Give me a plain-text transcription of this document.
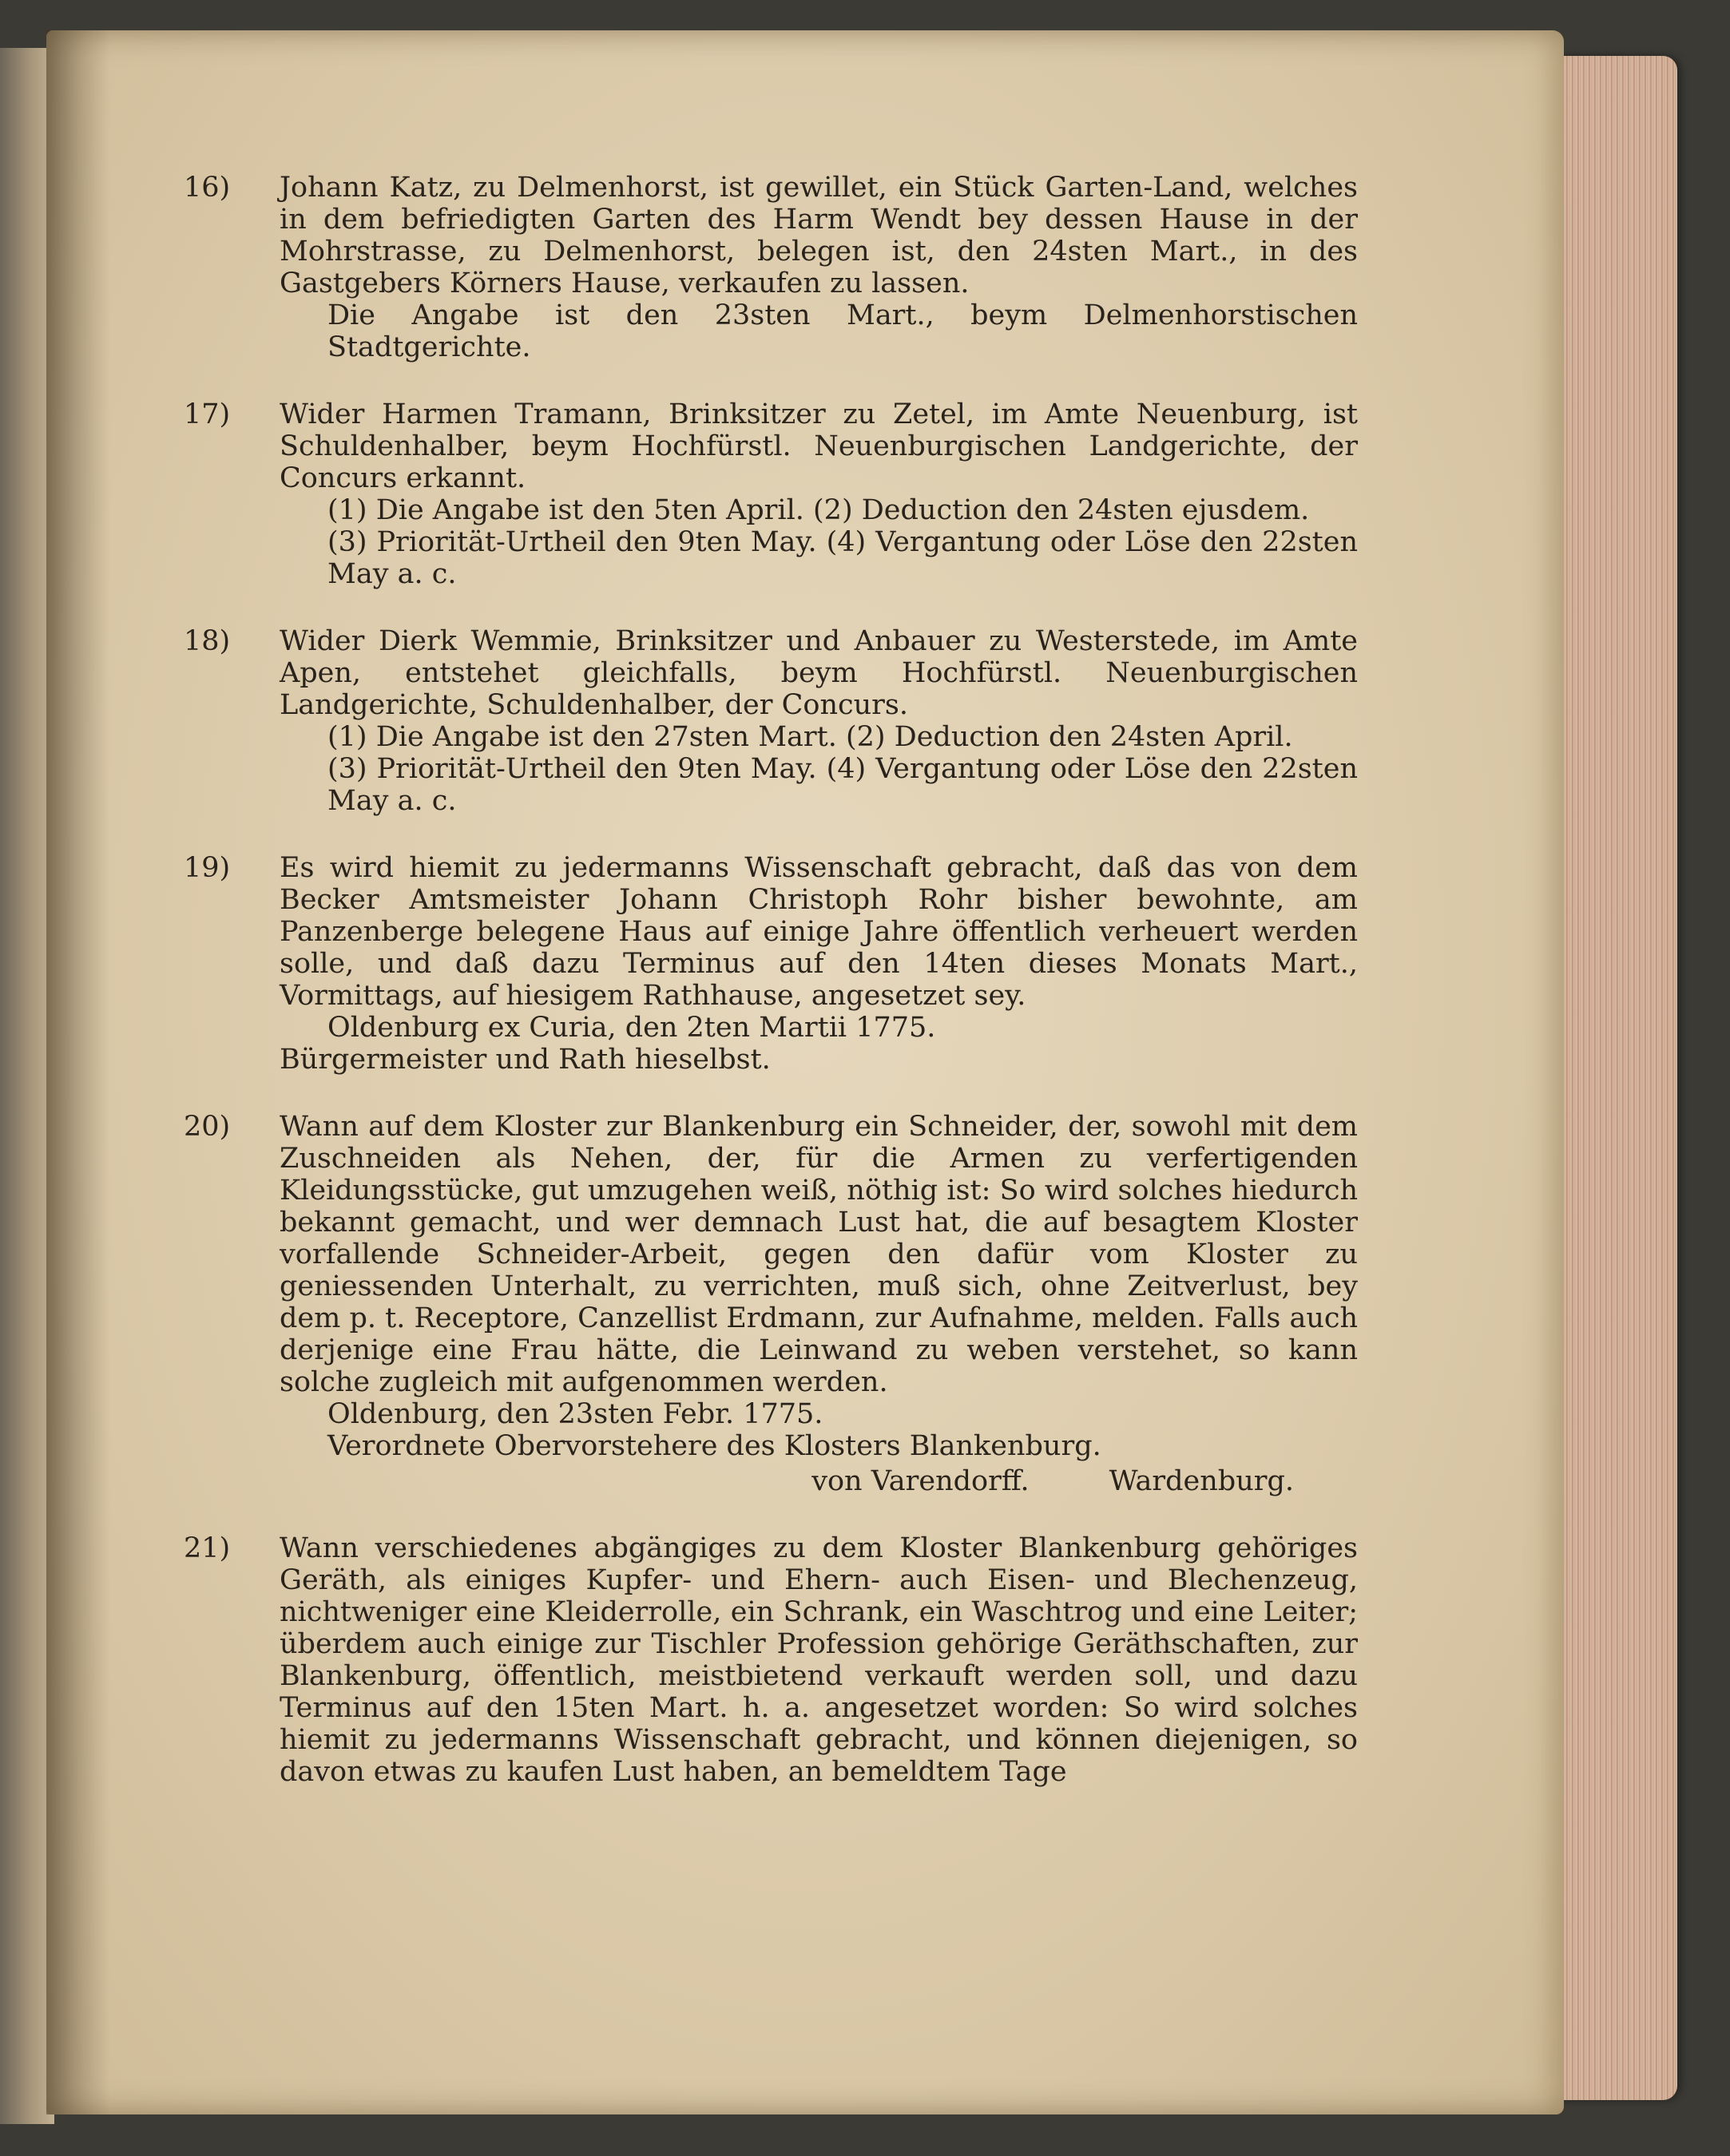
16)	Johann Katz, zu Delmenhorst, ist gewillet, ein Stück Garten-Land, welches in dem befriedigten Garten des Harm Wendt bey dessen Hause in der Mohrstrasse, zu Delmenhorst, belegen ist, den 24sten Mart., in des Gastgebers Körners Hause, verkaufen zu lassen.

Die Angabe ist den 23sten Mart., beym Delmenhorstischen Stadtgerichte.

17)	Wider Harmen Tramann, Brinksitzer zu Zetel, im Amte Neuenburg, ist Schuldenhalber, beym Hochfürstl. Neuenburgischen Landgerichte, der Concurs erkannt.

(1) Die Angabe ist den 5ten April. (2) Deduction den 24sten ejusdem.

(3) Priorität-Urtheil den 9ten May. (4) Vergantung oder Löse den 22sten May a. c.

18)	Wider Dierk Wemmie, Brinksitzer und Anbauer zu Westerstede, im Amte Apen, entstehet gleichfalls, beym Hochfürstl. Neuenburgischen Landgerichte, Schuldenhalber, der Concurs.

(1) Die Angabe ist den 27sten Mart. (2) Deduction den 24sten April.

(3) Priorität-Urtheil den 9ten May. (4) Vergantung oder Löse den 22sten May a. c.

19)	Es wird hiemit zu jedermanns Wissenschaft gebracht, daß das von dem Becker Amtsmeister Johann Christoph Rohr bisher bewohnte, am Panzenberge belegene Haus auf einige Jahre öffentlich verheuert werden solle, und daß dazu Terminus auf den 14ten dieses Monats Mart., Vormittags, auf hiesigem Rathhause, angesetzet sey.

Oldenburg ex Curia, den 2ten Martii 1775.

Bürgermeister und Rath hieselbst.

20)	Wann auf dem Kloster zur Blankenburg ein Schneider, der, sowohl mit dem Zuschneiden als Nehen, der, für die Armen zu verfertigenden Kleidungsstücke, gut umzugehen weiß, nöthig ist: So wird solches hiedurch bekannt gemacht, und wer demnach Lust hat, die auf besagtem Kloster vorfallende Schneider-Arbeit, gegen den dafür vom Kloster zu geniessenden Unterhalt, zu verrichten, muß sich, ohne Zeitverlust, bey dem p. t. Receptore, Canzellist Erdmann, zur Aufnahme, melden. Falls auch derjenige eine Frau hätte, die Leinwand zu weben verstehet, so kann solche zugleich mit aufgenommen werden.

Oldenburg, den 23sten Febr. 1775.

Verordnete Obervorstehere des Klosters Blankenburg.

von Varendorff.	Wardenburg.
21)	Wann verschiedenes abgängiges zu dem Kloster Blankenburg gehöriges Geräth, als einiges Kupfer- und Ehern- auch Eisen- und Blechenzeug, nichtweniger eine Kleiderrolle, ein Schrank, ein Waschtrog und eine Leiter; überdem auch einige zur Tischler Profession gehörige Geräthschaften, zur Blankenburg, öffentlich, meistbietend verkauft werden soll, und dazu Terminus auf den 15ten Mart. h. a. angesetzet worden: So wird solches hiemit zu jedermanns Wissenschaft gebracht, und können diejenigen, so davon etwas zu kaufen Lust haben, an bemeldtem Tage
